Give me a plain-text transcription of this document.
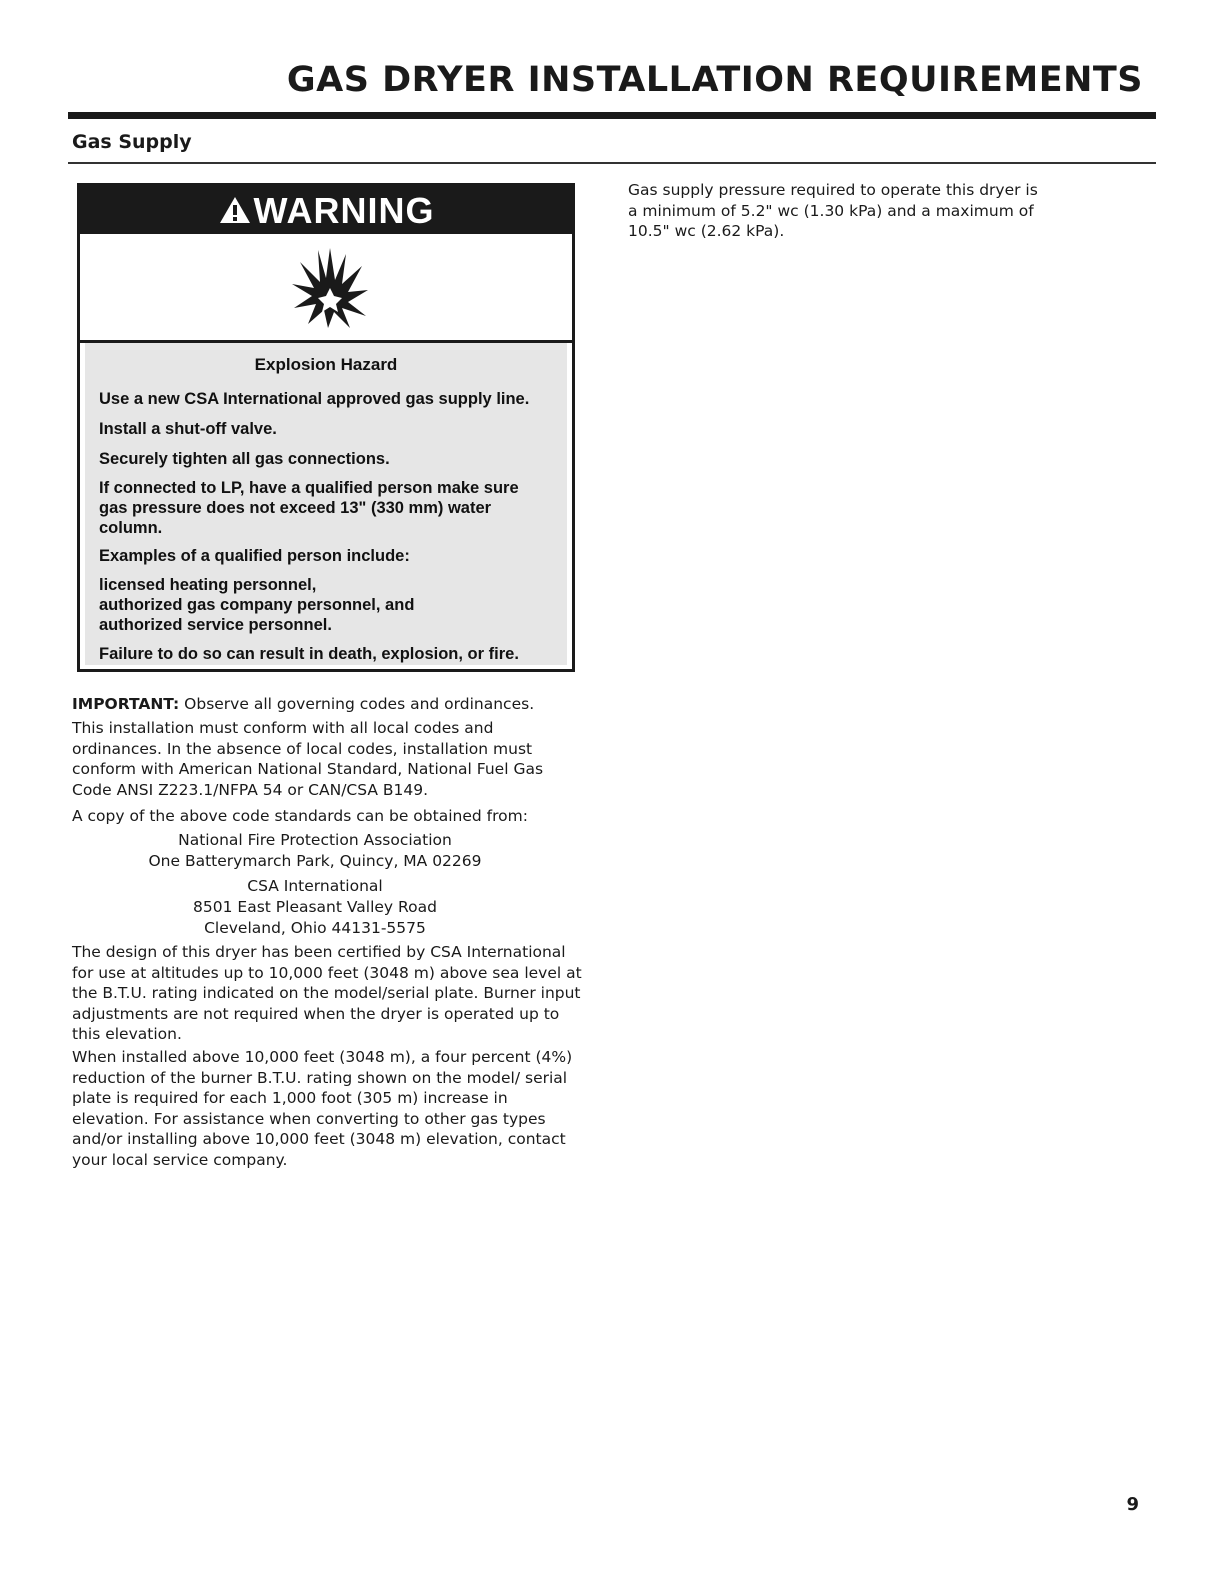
GAS DRYER INSTALLATION REQUIREMENTS
Gas Supply
WARNING
Explosion Hazard

Use a new CSA International approved gas supply line.

Install a shut-off valve.

Securely tighten all gas connections.

If connected to LP, have a qualified person make sure gas pressure does not exceed 13" (330 mm) water column.

Examples of a qualified person include:

licensed heating personnel,

authorized gas company personnel, and

authorized service personnel.

Failure to do so can result in death, explosion, or fire.

IMPORTANT: Observe all governing codes and ordinances.

This installation must conform with all local codes and ordinances. In the absence of local codes, installation must conform with American National Standard, National Fuel Gas Code ANSI Z223.1/NFPA 54 or CAN/CSA B149.

A copy of the above code standards can be obtained from:

National Fire Protection Association
One Batterymarch Park, Quincy, MA 02269
CSA International
8501 East Pleasant Valley Road
Cleveland, Ohio 44131-5575

The design of this dryer has been certified by CSA International for use at altitudes up to 10,000 feet (3048 m) above sea level at the B.T.U. rating indicated on the model/serial plate. Burner input adjustments are not required when the dryer is operated up to this elevation.

When installed above 10,000 feet (3048 m), a four percent (4%) reduction of the burner B.T.U. rating shown on the model/ serial plate is required for each 1,000 foot (305 m) increase in elevation. For assistance when converting to other gas types and/or installing above 10,000 feet (3048 m) elevation, contact your local service company.

Gas supply pressure required to operate this dryer is a minimum of 5.2" wc (1.30 kPa) and a maximum of 10.5" wc (2.62 kPa).

9
